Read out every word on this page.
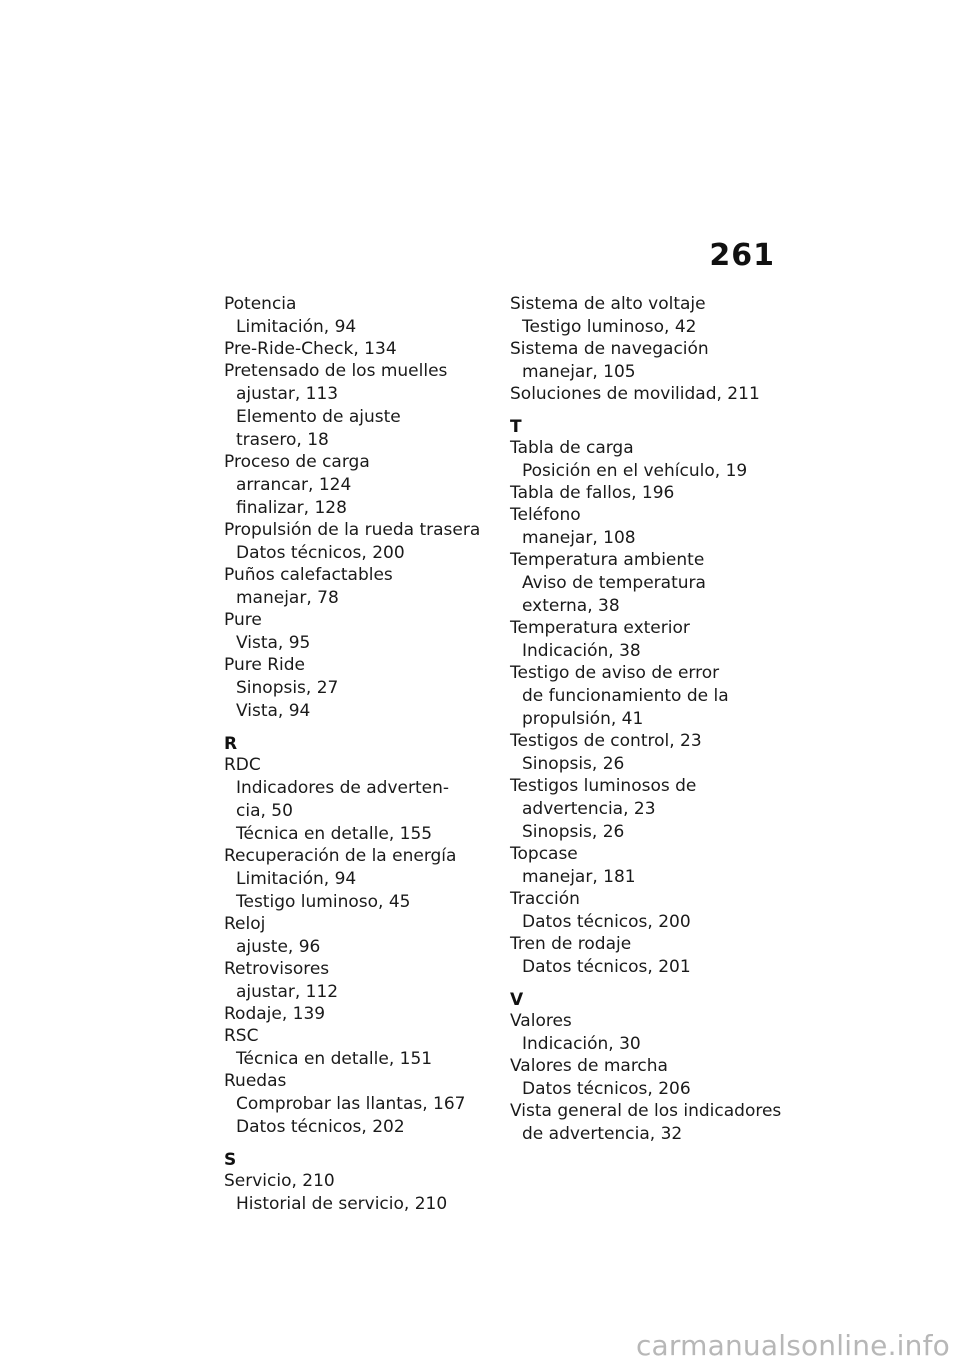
261
Potencia
Limitación, 94
Pre-Ride-Check, 134
Pretensado de los muelles
ajustar, 113
Elemento de ajuste
trasero, 18
Proceso de carga
arrancar, 124
finalizar, 128
Propulsión de la rueda trasera
Datos técnicos, 200
Puños calefactables
manejar, 78
Pure
Vista, 95
Pure Ride
Sinopsis, 27
Vista, 94
R
RDC
Indicadores de adverten-
cia, 50
Técnica en detalle, 155
Recuperación de la energía
Limitación, 94
Testigo luminoso, 45
Reloj
ajuste, 96
Retrovisores
ajustar, 112
Rodaje, 139
RSC
Técnica en detalle, 151
Ruedas
Comprobar las llantas, 167
Datos técnicos, 202
S
Servicio, 210
Historial de servicio, 210
Sistema de alto voltaje
Testigo luminoso, 42
Sistema de navegación
manejar, 105
Soluciones de movilidad, 211
T
Tabla de carga
Posición en el vehículo, 19
Tabla de fallos, 196
Teléfono
manejar, 108
Temperatura ambiente
Aviso de temperatura
externa, 38
Temperatura exterior
Indicación, 38
Testigo de aviso de error
de funcionamiento de la
propulsión, 41
Testigos de control, 23
Sinopsis, 26
Testigos luminosos de
advertencia, 23
Sinopsis, 26
Topcase
manejar, 181
Tracción
Datos técnicos, 200
Tren de rodaje
Datos técnicos, 201
V
Valores
Indicación, 30
Valores de marcha
Datos técnicos, 206
Vista general de los indicadores
de advertencia, 32
carmanualsonline.info
